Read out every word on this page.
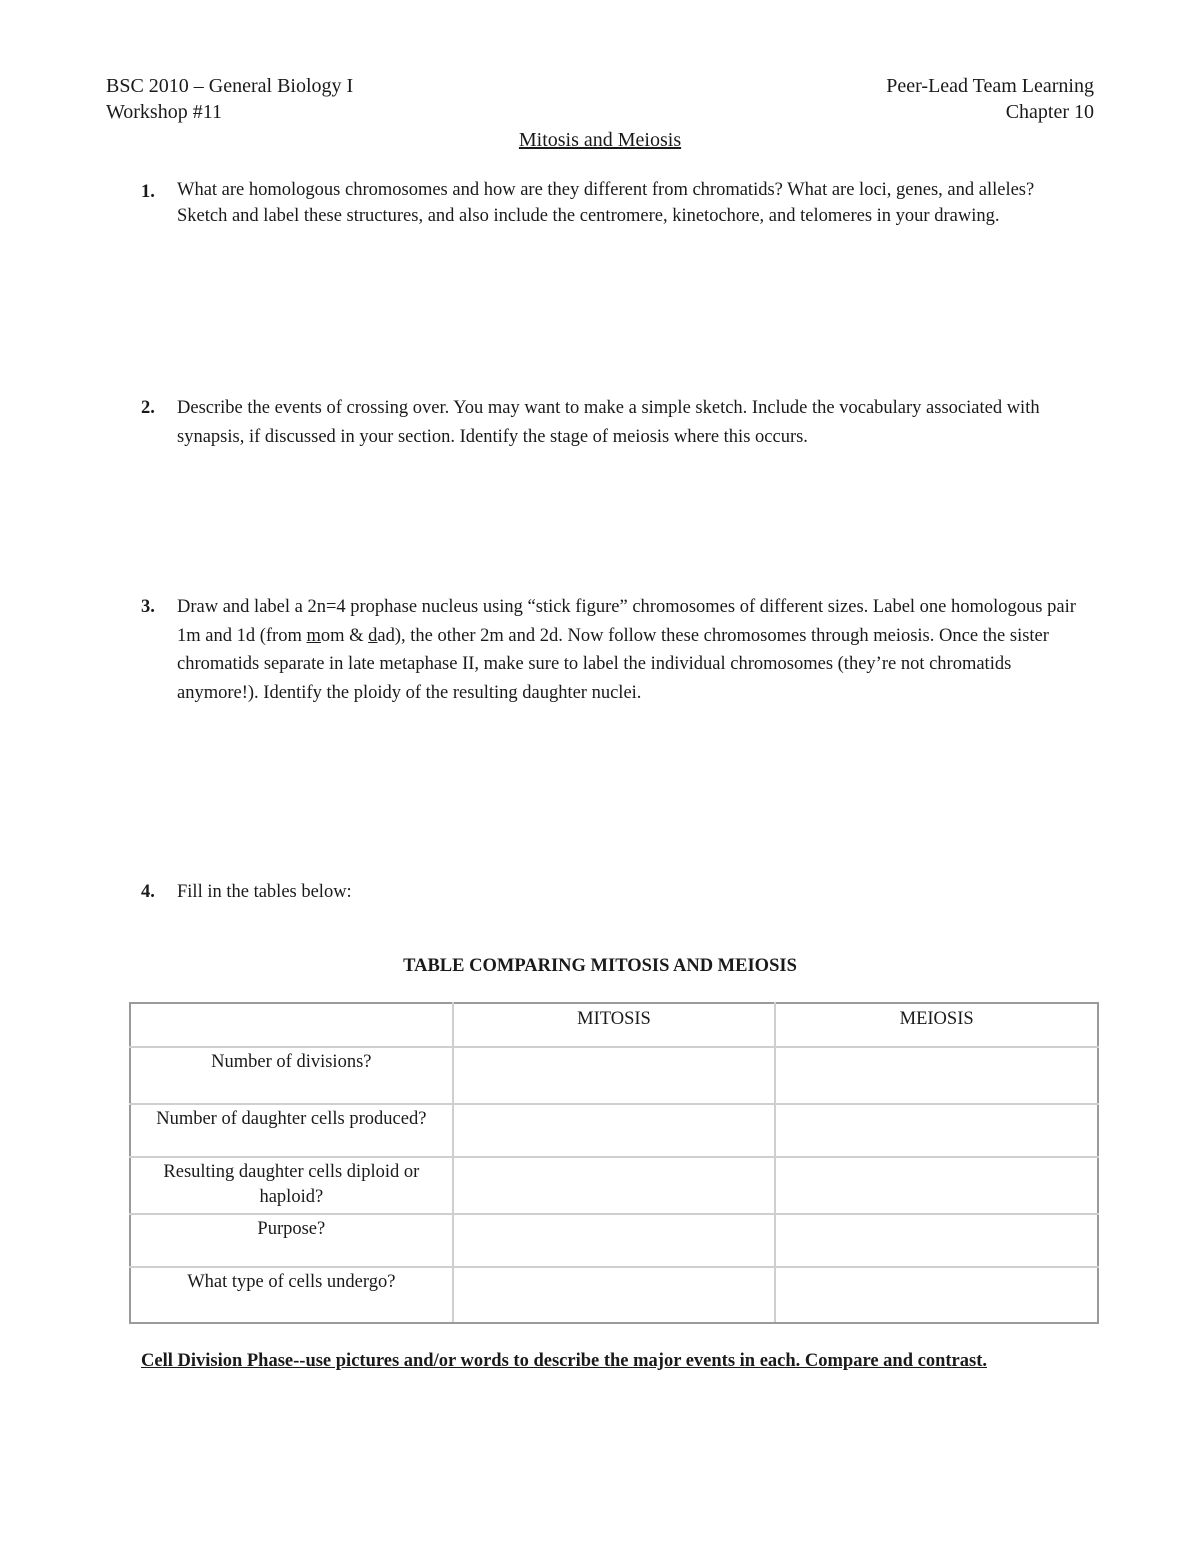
BSC 2010 – General Biology I
Workshop #11
Peer-Lead Team Learning
Chapter 10
Mitosis and Meiosis
1. What are homologous chromosomes and how are they different from chromatids? What are loci, genes, and alleles? Sketch and label these structures, and also include the centromere, kinetochore, and telomeres in your drawing.
2. Describe the events of crossing over. You may want to make a simple sketch. Include the vocabulary associated with synapsis, if discussed in your section. Identify the stage of meiosis where this occurs.
3. Draw and label a 2n=4 prophase nucleus using “stick figure” chromosomes of different sizes. Label one homologous pair 1m and 1d (from mom & dad), the other 2m and 2d. Now follow these chromosomes through meiosis. Once the sister chromatids separate in late metaphase II, make sure to label the individual chromosomes (they’re not chromatids anymore!). Identify the ploidy of the resulting daughter nuclei.
4. Fill in the tables below:
TABLE COMPARING MITOSIS AND MEIOSIS
	MITOSIS	MEIOSIS
Number of divisions?		
Number of daughter cells produced?		
Resulting daughter cells diploid or haploid?		
Purpose?		
What type of cells undergo?		
Cell Division Phase--use pictures and/or words to describe the major events in each. Compare and contrast.
